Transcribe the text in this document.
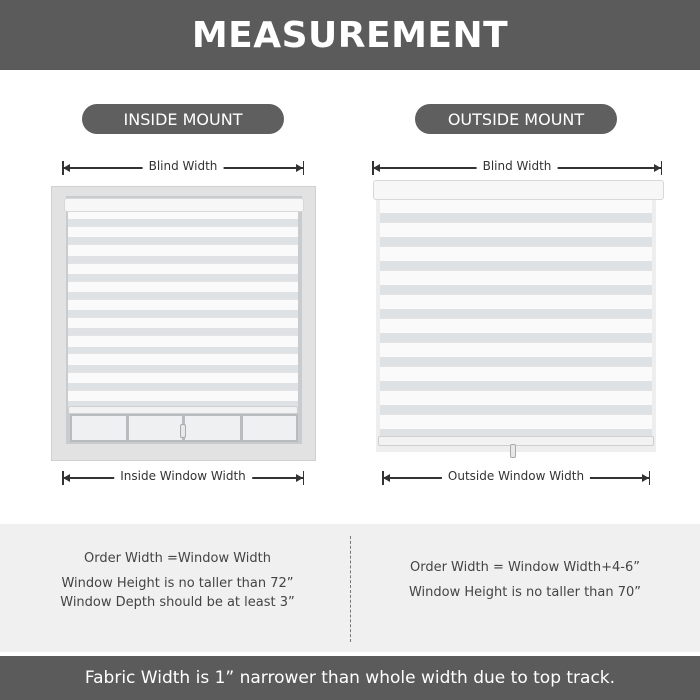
MEASUREMENT
INSIDE MOUNT	OUTSIDE MOUNT
Blind Width	Blind Width
Inside Window Width	Outside Window Width
Order Width =Window Width
Window Height is no taller than 72”
Window Depth should be at least 3”
Order Width = Window Width+4-6”
Window Height is no taller than 70”
Fabric Width is 1” narrower than whole width due to top track.
